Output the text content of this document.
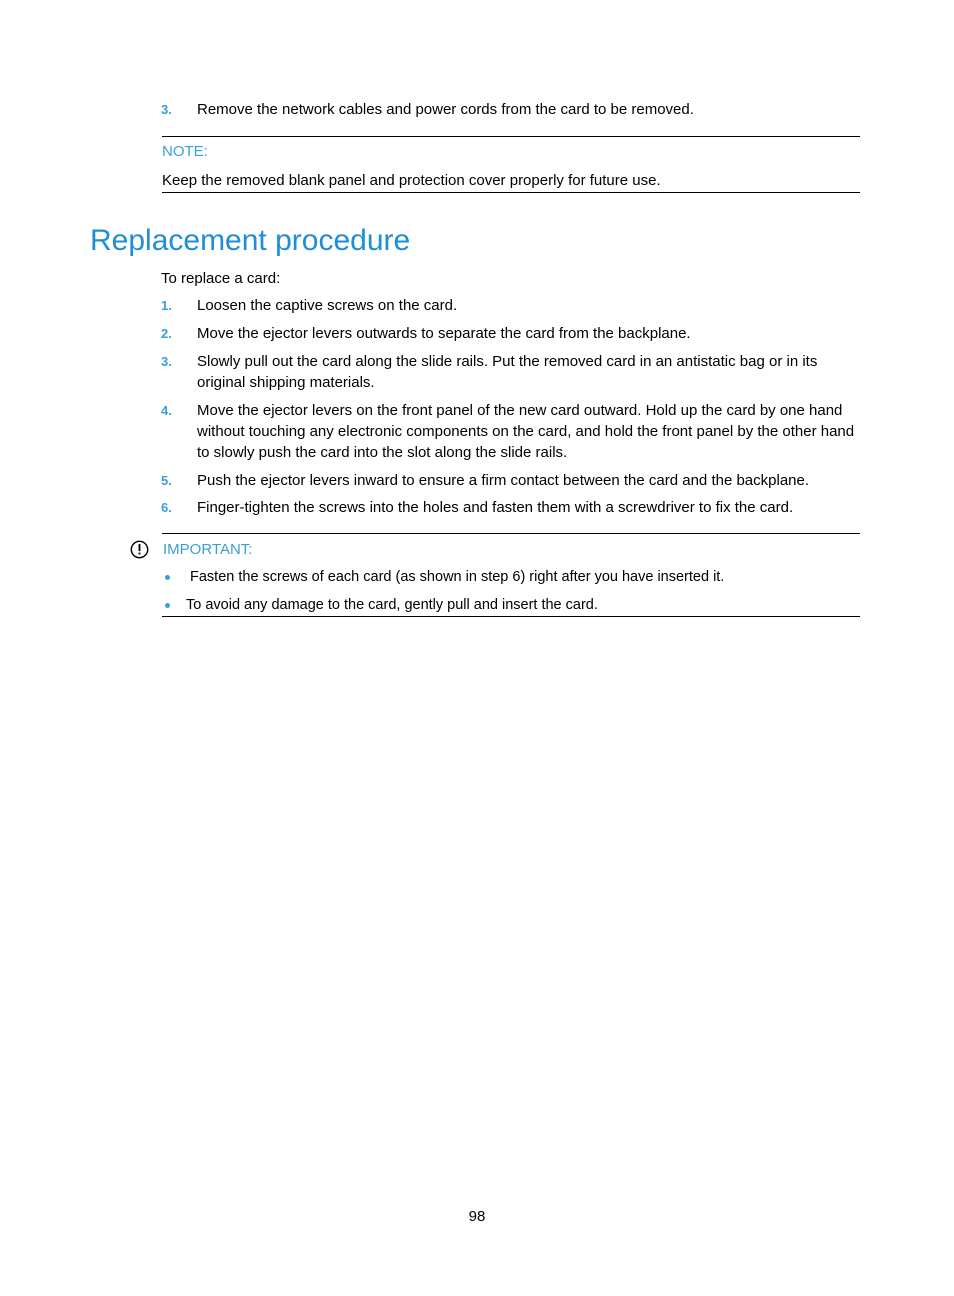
3. Remove the network cables and power cords from the card to be removed.
NOTE:
Keep the removed blank panel and protection cover properly for future use.
Replacement procedure
To replace a card:
1. Loosen the captive screws on the card.
2. Move the ejector levers outwards to separate the card from the backplane.
3. Slowly pull out the card along the slide rails. Put the removed card in an antistatic bag or in its original shipping materials.
4. Move the ejector levers on the front panel of the new card outward. Hold up the card by one hand without touching any electronic components on the card, and hold the front panel by the other hand to slowly push the card into the slot along the slide rails.
5. Push the ejector levers inward to ensure a firm contact between the card and the backplane.
6. Finger-tighten the screws into the holes and fasten them with a screwdriver to fix the card.
IMPORTANT:
Fasten the screws of each card (as shown in step 6) right after you have inserted it.
To avoid any damage to the card, gently pull and insert the card.
98
